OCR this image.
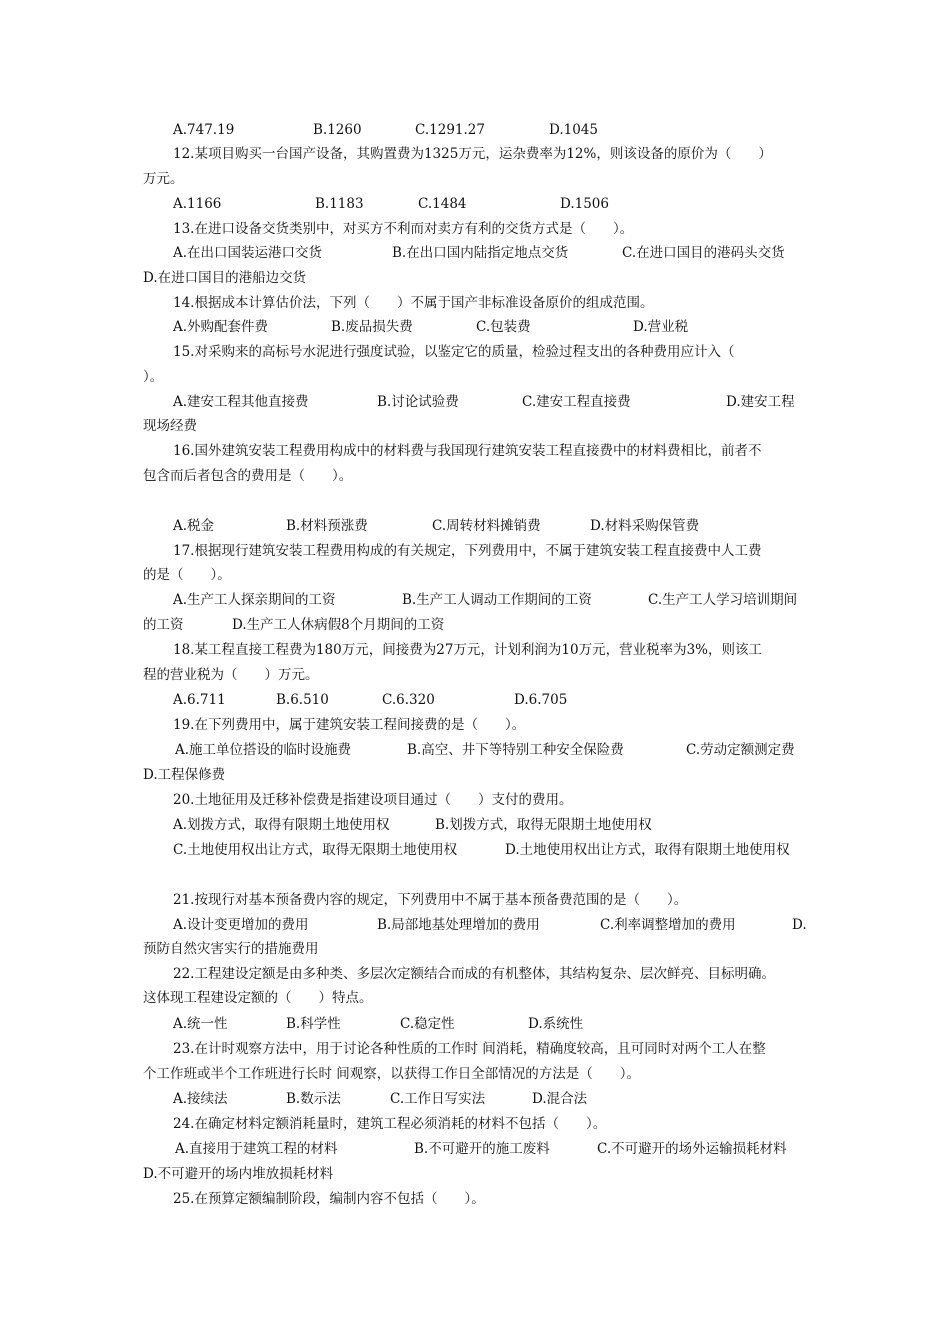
A.747.19	B.1260	C.1291.27	D.1045
12.某项目购买一台国产设备，其购置费为1325万元，运杂费率为12%，则该设备的原价为（　　）
万元。
A.1166	B.1183	C.1484	D.1506
13.在进口设备交货类别中，对买方不利而对卖方有利的交货方式是（　　）。
A.在出口国装运港口交货	B.在出口国内陆指定地点交货	C.在进口国目的港码头交货
D.在进口国目的港船边交货
14.根据成本计算估价法，下列（　　）不属于国产非标准设备原价的组成范围。
A.外购配套件费	B.废品损失费	C.包装费	D.营业税
15.对采购来的高标号水泥进行强度试验，以鉴定它的质量，检验过程支出的各种费用应计入（
）。
A.建安工程其他直接费	B.讨论试验费	C.建安工程直接费	D.建安工程
现场经费
16.国外建筑安装工程费用构成中的材料费与我国现行建筑安装工程直接费中的材料费相比，前者不
包含而后者包含的费用是（　　）。
A.税金	B.材料预涨费	C.周转材料摊销费	D.材料采购保管费
17.根据现行建筑安装工程费用构成的有关规定，下列费用中，不属于建筑安装工程直接费中人工费
的是（　　）。
A.生产工人探亲期间的工资	B.生产工人调动工作期间的工资	C.生产工人学习培训期间
的工资	D.生产工人休病假8个月期间的工资
18.某工程直接工程费为180万元，间接费为27万元，计划利润为10万元，营业税率为3%，则该工
程的营业税为（　　）万元。
A.6.711	B.6.510	C.6.320	D.6.705
19.在下列费用中，属于建筑安装工程间接费的是（　　）。
A.施工单位搭设的临时设施费	B.高空、井下等特别工种安全保险费	C.劳动定额测定费
D.工程保修费
20.土地征用及迁移补偿费是指建设项目通过（　　）支付的费用。
A.划拨方式，取得有限期土地使用权	B.划拨方式，取得无限期土地使用权
C.土地使用权出让方式，取得无限期土地使用权	D.土地使用权出让方式，取得有限期土地使用权
21.按现行对基本预备费内容的规定，下列费用中不属于基本预备费范围的是（　　）。
A.设计变更增加的费用	B.局部地基处理增加的费用	C.利率调整增加的费用	D.
预防自然灾害实行的措施费用
22.工程建设定额是由多种类、多层次定额结合而成的有机整体，其结构复杂、层次鲜亮、目标明确。
这体现工程建设定额的（　　）特点。
A.统一性	B.科学性	C.稳定性	D.系统性
23.在计时观察方法中，用于讨论各种性质的工作时 间消耗，精确度较高，且可同时对两个工人在整
个工作班或半个工作班进行长时 间观察，以获得工作日全部情况的方法是（　　）。
A.接续法	B.数示法	C.工作日写实法	D.混合法
24.在确定材料定额消耗量时，建筑工程必须消耗的材料不包括（　　）。
A.直接用于建筑工程的材料	B.不可避开的施工废料	C.不可避开的场外运输损耗材料
D.不可避开的场内堆放损耗材料
25.在预算定额编制阶段，编制内容不包括（　　）。
